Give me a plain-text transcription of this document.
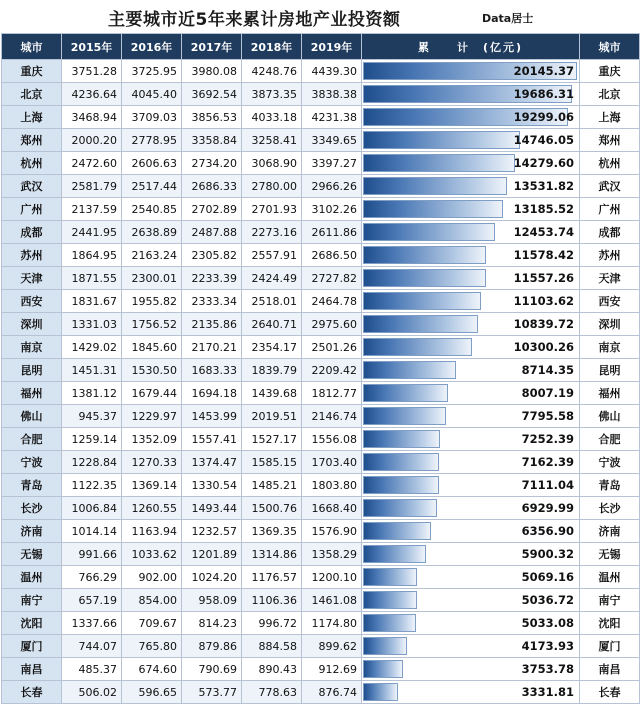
主要城市近5年来累计房地产业投资额	Data居士
城市	2015年	2016年	2017年	2018年	2019年	累　　计　(亿元)	城市
重庆	3751.28	3725.95	3980.08	4248.76	4439.30	20145.37	重庆
北京	4236.64	4045.40	3692.54	3873.35	3838.38	19686.31	北京
上海	3468.94	3709.03	3856.53	4033.18	4231.38	19299.06	上海
郑州	2000.20	2778.95	3358.84	3258.41	3349.65	14746.05	郑州
杭州	2472.60	2606.63	2734.20	3068.90	3397.27	14279.60	杭州
武汉	2581.79	2517.44	2686.33	2780.00	2966.26	13531.82	武汉
广州	2137.59	2540.85	2702.89	2701.93	3102.26	13185.52	广州
成都	2441.95	2638.89	2487.88	2273.16	2611.86	12453.74	成都
苏州	1864.95	2163.24	2305.82	2557.91	2686.50	11578.42	苏州
天津	1871.55	2300.01	2233.39	2424.49	2727.82	11557.26	天津
西安	1831.67	1955.82	2333.34	2518.01	2464.78	11103.62	西安
深圳	1331.03	1756.52	2135.86	2640.71	2975.60	10839.72	深圳
南京	1429.02	1845.60	2170.21	2354.17	2501.26	10300.26	南京
昆明	1451.31	1530.50	1683.33	1839.79	2209.42	8714.35	昆明
福州	1381.12	1679.44	1694.18	1439.68	1812.77	8007.19	福州
佛山	945.37	1229.97	1453.99	2019.51	2146.74	7795.58	佛山
合肥	1259.14	1352.09	1557.41	1527.17	1556.08	7252.39	合肥
宁波	1228.84	1270.33	1374.47	1585.15	1703.40	7162.39	宁波
青岛	1122.35	1369.14	1330.54	1485.21	1803.80	7111.04	青岛
长沙	1006.84	1260.55	1493.44	1500.76	1668.40	6929.99	长沙
济南	1014.14	1163.94	1232.57	1369.35	1576.90	6356.90	济南
无锡	991.66	1033.62	1201.89	1314.86	1358.29	5900.32	无锡
温州	766.29	902.00	1024.20	1176.57	1200.10	5069.16	温州
南宁	657.19	854.00	958.09	1106.36	1461.08	5036.72	南宁
沈阳	1337.66	709.67	814.23	996.72	1174.80	5033.08	沈阳
厦门	744.07	765.80	879.86	884.58	899.62	4173.93	厦门
南昌	485.37	674.60	790.69	890.43	912.69	3753.78	南昌
长春	506.02	596.65	573.77	778.63	876.74	3331.81	长春
